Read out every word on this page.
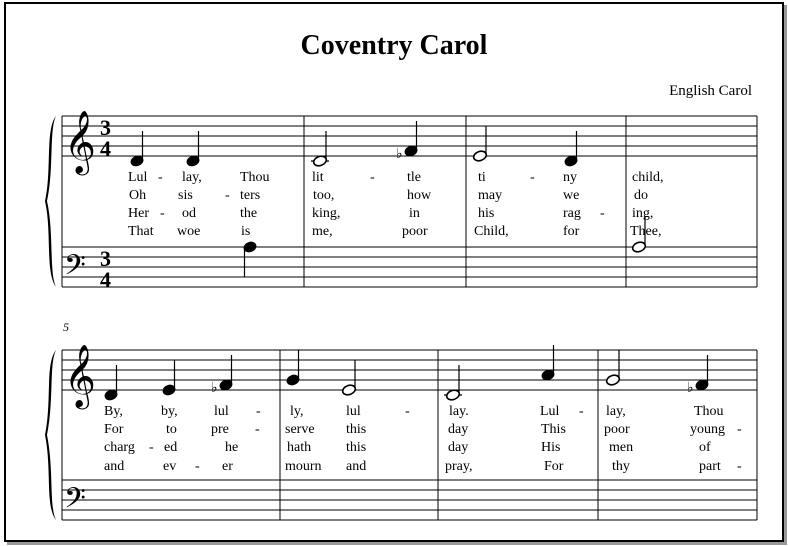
Coventry Carol
English Carol
5
𝄞
𝄢
3
4
3
4
♭
𝄞
𝄢
♭	♭
Lul - lay,	Thou	lit	- tle	ti	- ny	child,
Oh sis - ters	too,	how	may	we	do
Her - od	the	king,	in	his	rag - ing,
That woe	is	me,	poor	Child,	for	Thee,
By,	by,	lul - ly,	lul	-	lay.	Lul - lay,	Thou
For	to pre - serve this	day	This	poor	young -
charg - ed	he	hath this	day	His	men	of
and	ev - er	mourn and	pray,	For	thy	part -
